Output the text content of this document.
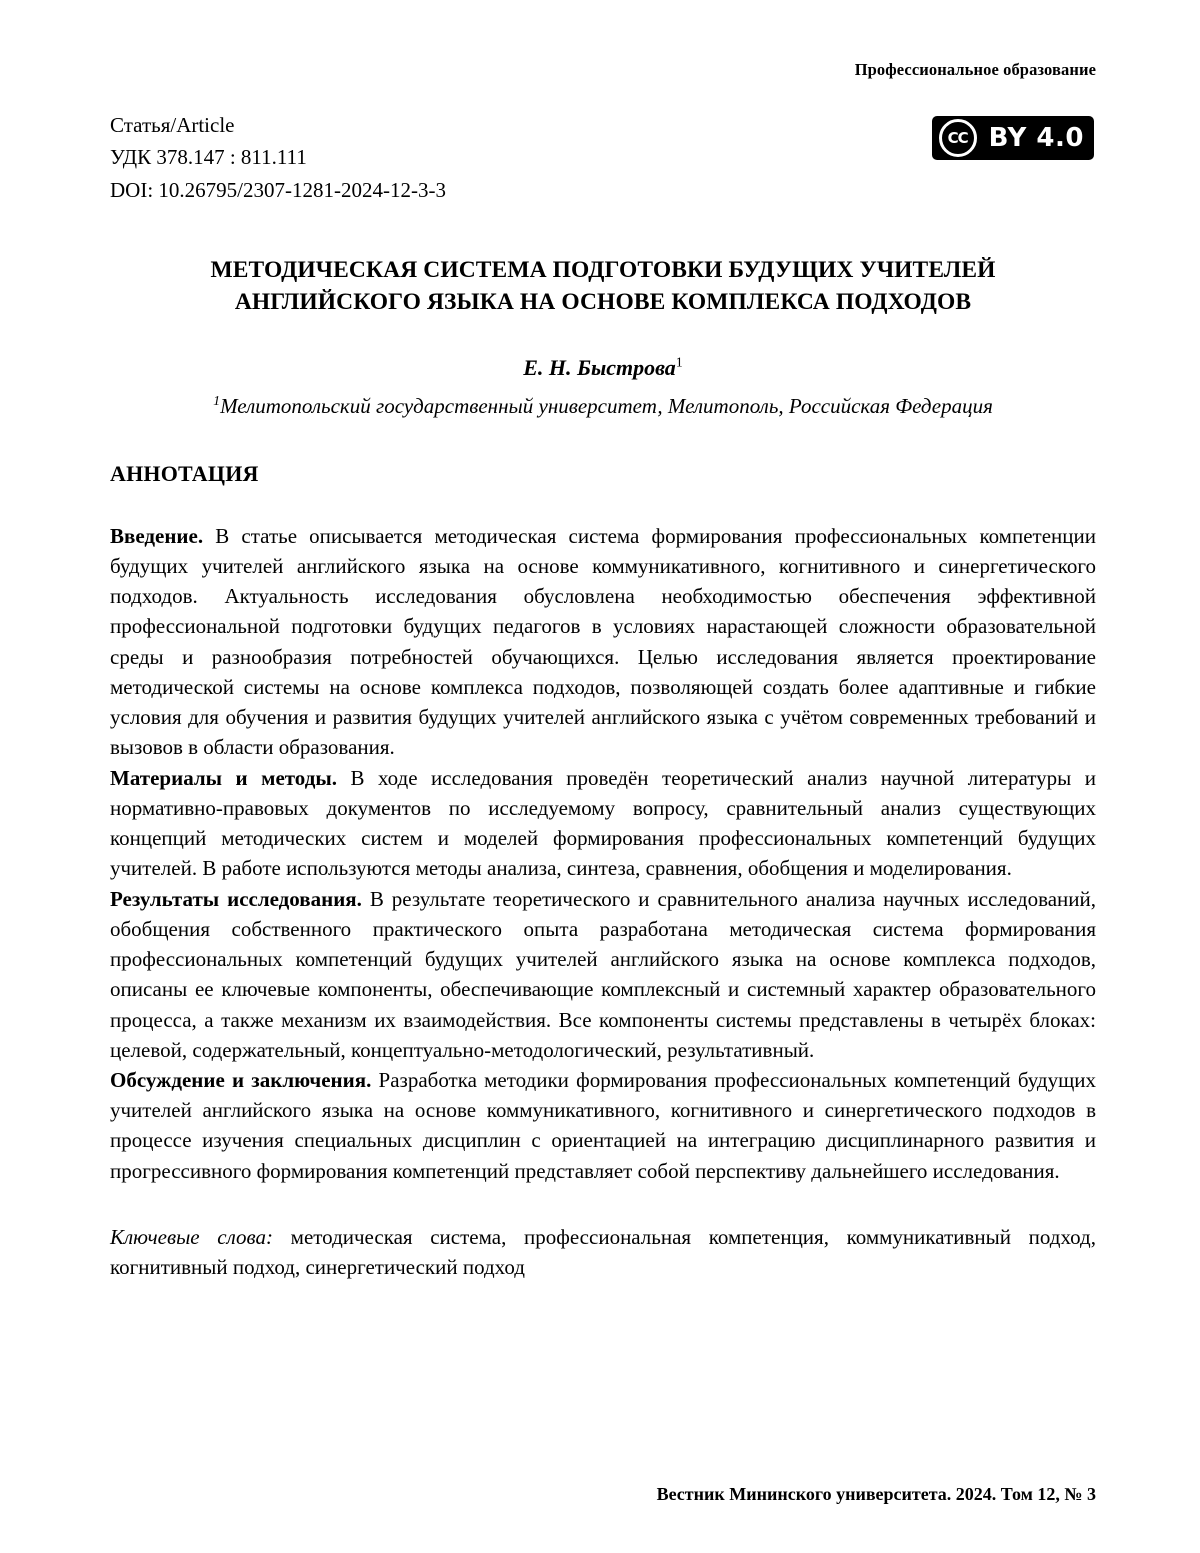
Профессиональное образование
Статья/Article
УДК 378.147 : 811.111
DOI: 10.26795/2307-1281-2024-12-3-3
CC BY 4.0
МЕТОДИЧЕСКАЯ СИСТЕМА ПОДГОТОВКИ БУДУЩИХ УЧИТЕЛЕЙ АНГЛИЙСКОГО ЯЗЫКА НА ОСНОВЕ КОМПЛЕКСА ПОДХОДОВ
Е. Н. Быстрова$^1$
$^1$Мелитопольский государственный университет, Мелитополь, Российская Федерация
АННОТАЦИЯ

Введение. В статье описывается методическая система формирования профессиональных компетенции будущих учителей английского языка на основе коммуникативного, когнитивного и синергетического подходов. Актуальность исследования обусловлена необходимостью обеспечения эффективной профессиональной подготовки будущих педагогов в условиях нарастающей сложности образовательной среды и разнообразия потребностей обучающихся. Целью исследования является проектирование методической системы на основе комплекса подходов, позволяющей создать более адаптивные и гибкие условия для обучения и развития будущих учителей английского языка с учётом современных требований и вызовов в области образования.

Материалы и методы. В ходе исследования проведён теоретический анализ научной литературы и нормативно-правовых документов по исследуемому вопросу, сравнительный анализ существующих концепций методических систем и моделей формирования профессиональных компетенций будущих учителей. В работе используются методы анализа, синтеза, сравнения, обобщения и моделирования.

Результаты исследования. В результате теоретического и сравнительного анализа научных исследований, обобщения собственного практического опыта разработана методическая система формирования профессиональных компетенций будущих учителей английского языка на основе комплекса подходов, описаны ее ключевые компоненты, обеспечивающие комплексный и системный характер образовательного процесса, а также механизм их взаимодействия. Все компоненты системы представлены в четырёх блоках: целевой, содержательный, концептуально-методологический, результативный.

Обсуждение и заключения. Разработка методики формирования профессиональных компетенций будущих учителей английского языка на основе коммуникативного, когнитивного и синергетического подходов в процессе изучения специальных дисциплин с ориентацией на интеграцию дисциплинарного развития и прогрессивного формирования компетенций представляет собой перспективу дальнейшего исследования.

Ключевые слова: методическая система, профессиональная компетенция, коммуникативный подход, когнитивный подход, синергетический подход
Вестник Мининского университета. 2024. Том 12, № 3
